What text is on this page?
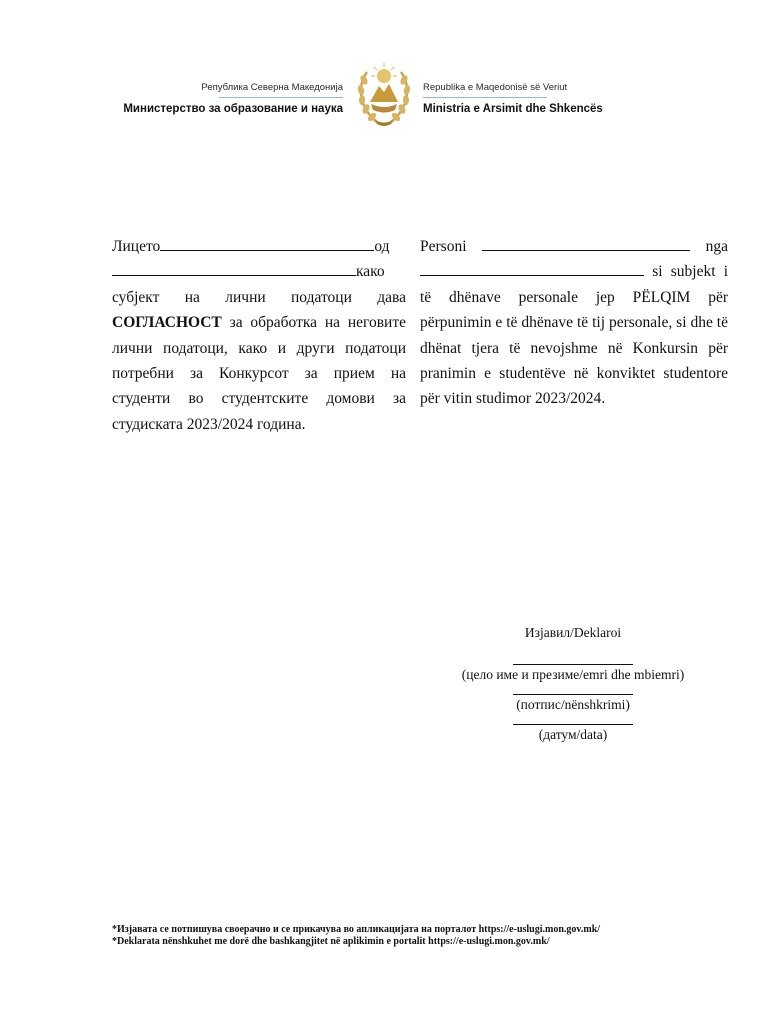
Република Северна Македонија
Министерство за образование и наука
Republika e Maqedonisë së Veriut
Ministria e Arsimit dhe Shkencës

Лицето	од како субјект на лични податоци дава СОГЛАСНОСТ за обработка на неговите лични податоци, како и други податоци потребни за Конкурсот за прием на студенти во студентските домови за студиската 2023/2024 година.

Personi	nga  si subjekt i të dhënave personale jep PËLQIM për përpunimin e të dhënave të tij personale, si dhe të dhënat tjera të nevojshme në Konkursin për pranimin e studentëve në konviktet studentore për vitin studimor 2023/2024.

Изјавил/Deklaroi
(цело име и презиме/emri dhe mbiemri)
(потпис/nënshkrimi)
(датум/data)

*Изјавата се потпишува своерачно и се прикачува во апликацијата на порталот https://e-uslugi.mon.gov.mk/

*Deklarata nënshkuhet me dorë dhe bashkangjitet në aplikimin e portalit https://e-uslugi.mon.gov.mk/
